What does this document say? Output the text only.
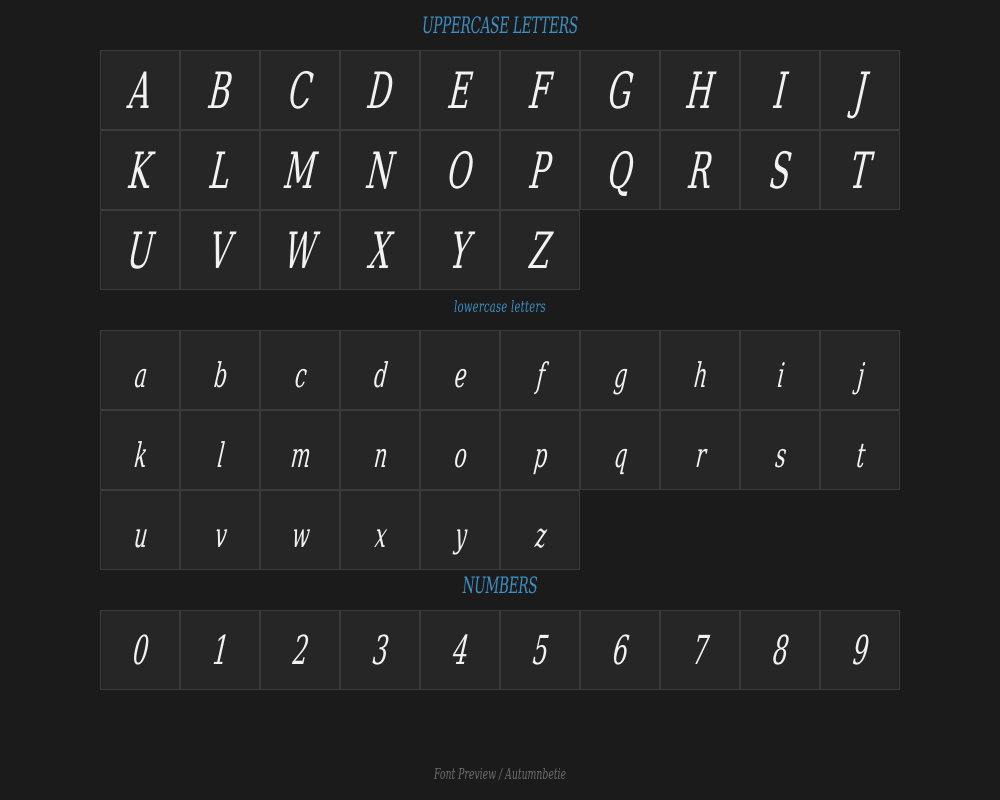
UPPERCASE LETTERS
A B C D E F G H	I	J
K L M N O P Q R S T
U V W X Y Z
lowercase letters
a	b	c	d	e	f	g	h	i	j
k	l	m	n	o	p	q	r	s	t
u	v	w	x	y	z
NUMBERS
0	1	2	3	4	5	6	7	8	9
Font Preview / Autumnbetie
